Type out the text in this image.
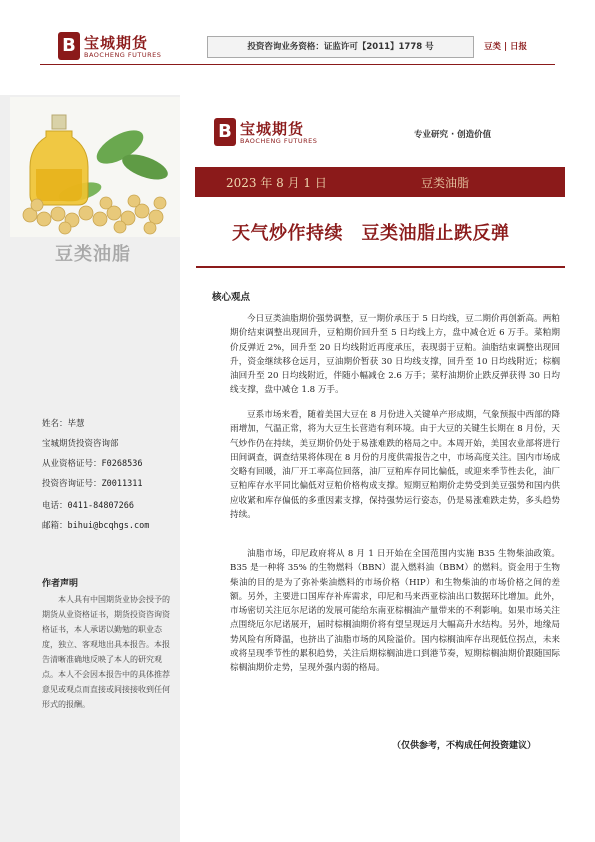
B 宝城期货
BAOCHENG FUTURES
投资咨询业务资格：证监许可【2011】1778 号	豆类 | 日报
豆类油脂
姓名：毕慧
宝城期货投资咨询部
从业资格证号：F0268536
投资咨询证号：Z0011311
电话：0411-84807266
邮箱：bihui@bcqhgs.com
作者声明
本人具有中国期货业协会授予的期货从业资格证书，期货投资咨询资格证书，本人承诺以勤勉的职业态度，独立、客观地出具本报告。本报告清晰准确地反映了本人的研究观点。本人不会因本报告中的具体推荐意见或观点而直接或间接接收到任何形式的报酬。
B 宝城期货
BAOCHENG FUTURES
专业研究 · 创造价值
2023 年 8 月 1 日	豆类油脂
天气炒作持续　豆类油脂止跌反弹
核心观点
今日豆类油脂期价强势调整，豆一期价承压于 5 日均线，豆二期价再创新高。两粕期价结束调整出现回升，豆粕期价回升至 5 日均线上方，盘中减仓近 6 万手。菜粕期价反弹近 2%，回升至 20 日均线附近再度承压，表现弱于豆粕。油脂结束调整出现回升，资金继续移仓远月，豆油期价暂获 30 日均线支撑，回升至 10 日均线附近；棕榈油回升至 20 日均线附近，伴随小幅减仓 2.6 万手；菜籽油期价止跌反弹获得 30 日均线支撑，盘中减仓 1.8 万手。
豆系市场来看，随着美国大豆在 8 月份进入关键单产形成期，气象预报中西部的降雨增加，气温正常，将为大豆生长营造有利环境。由于大豆的关键生长期在 8 月份，天气炒作仍在持续，美豆期价仍处于易涨难跌的格局之中。本周开始，美国农业部将进行田间调查，调查结果将体现在 8 月份的月度供需报告之中，市场高度关注。国内市场成交略有回暖，油厂开工率高位回落，油厂豆粕库存同比偏低，或迎来季节性去化，油厂豆粕库存水平同比偏低对豆粕价格构成支撑。短期豆粕期价走势受到美豆强势和国内供应收紧和库存偏低的多重因素支撑，保持强势运行姿态，仍是易涨难跌走势，多头趋势持续。
油脂市场，印尼政府将从 8 月 1 日开始在全国范围内实施 B35 生物柴油政策。B35 是一种将 35% 的生物燃料（BBN）混入燃料油（BBM）的燃料。资金用于生物柴油的目的是为了弥补柴油燃料的市场价格（HIP）和生物柴油的市场价格之间的差额。另外，主要进口国库存补库需求，印尼和马来西亚棕油出口数据环比增加。此外，市场密切关注厄尔尼诺的发展可能给东南亚棕榈油产量带来的不利影响。如果市场关注点围绕厄尔尼诺展开，届时棕榈油期价将有望呈现远月大幅高升水结构。另外，地缘局势风险有所降温，也挤出了油脂市场的风险溢价。国内棕榈油库存出现低位拐点，未来或将呈现季节性的累积趋势，关注后期棕榈油进口到港节奏，短期棕榈油期价跟随国际棕榈油期价走势，呈现外强内弱的格局。
（仅供参考，不构成任何投资建议）
